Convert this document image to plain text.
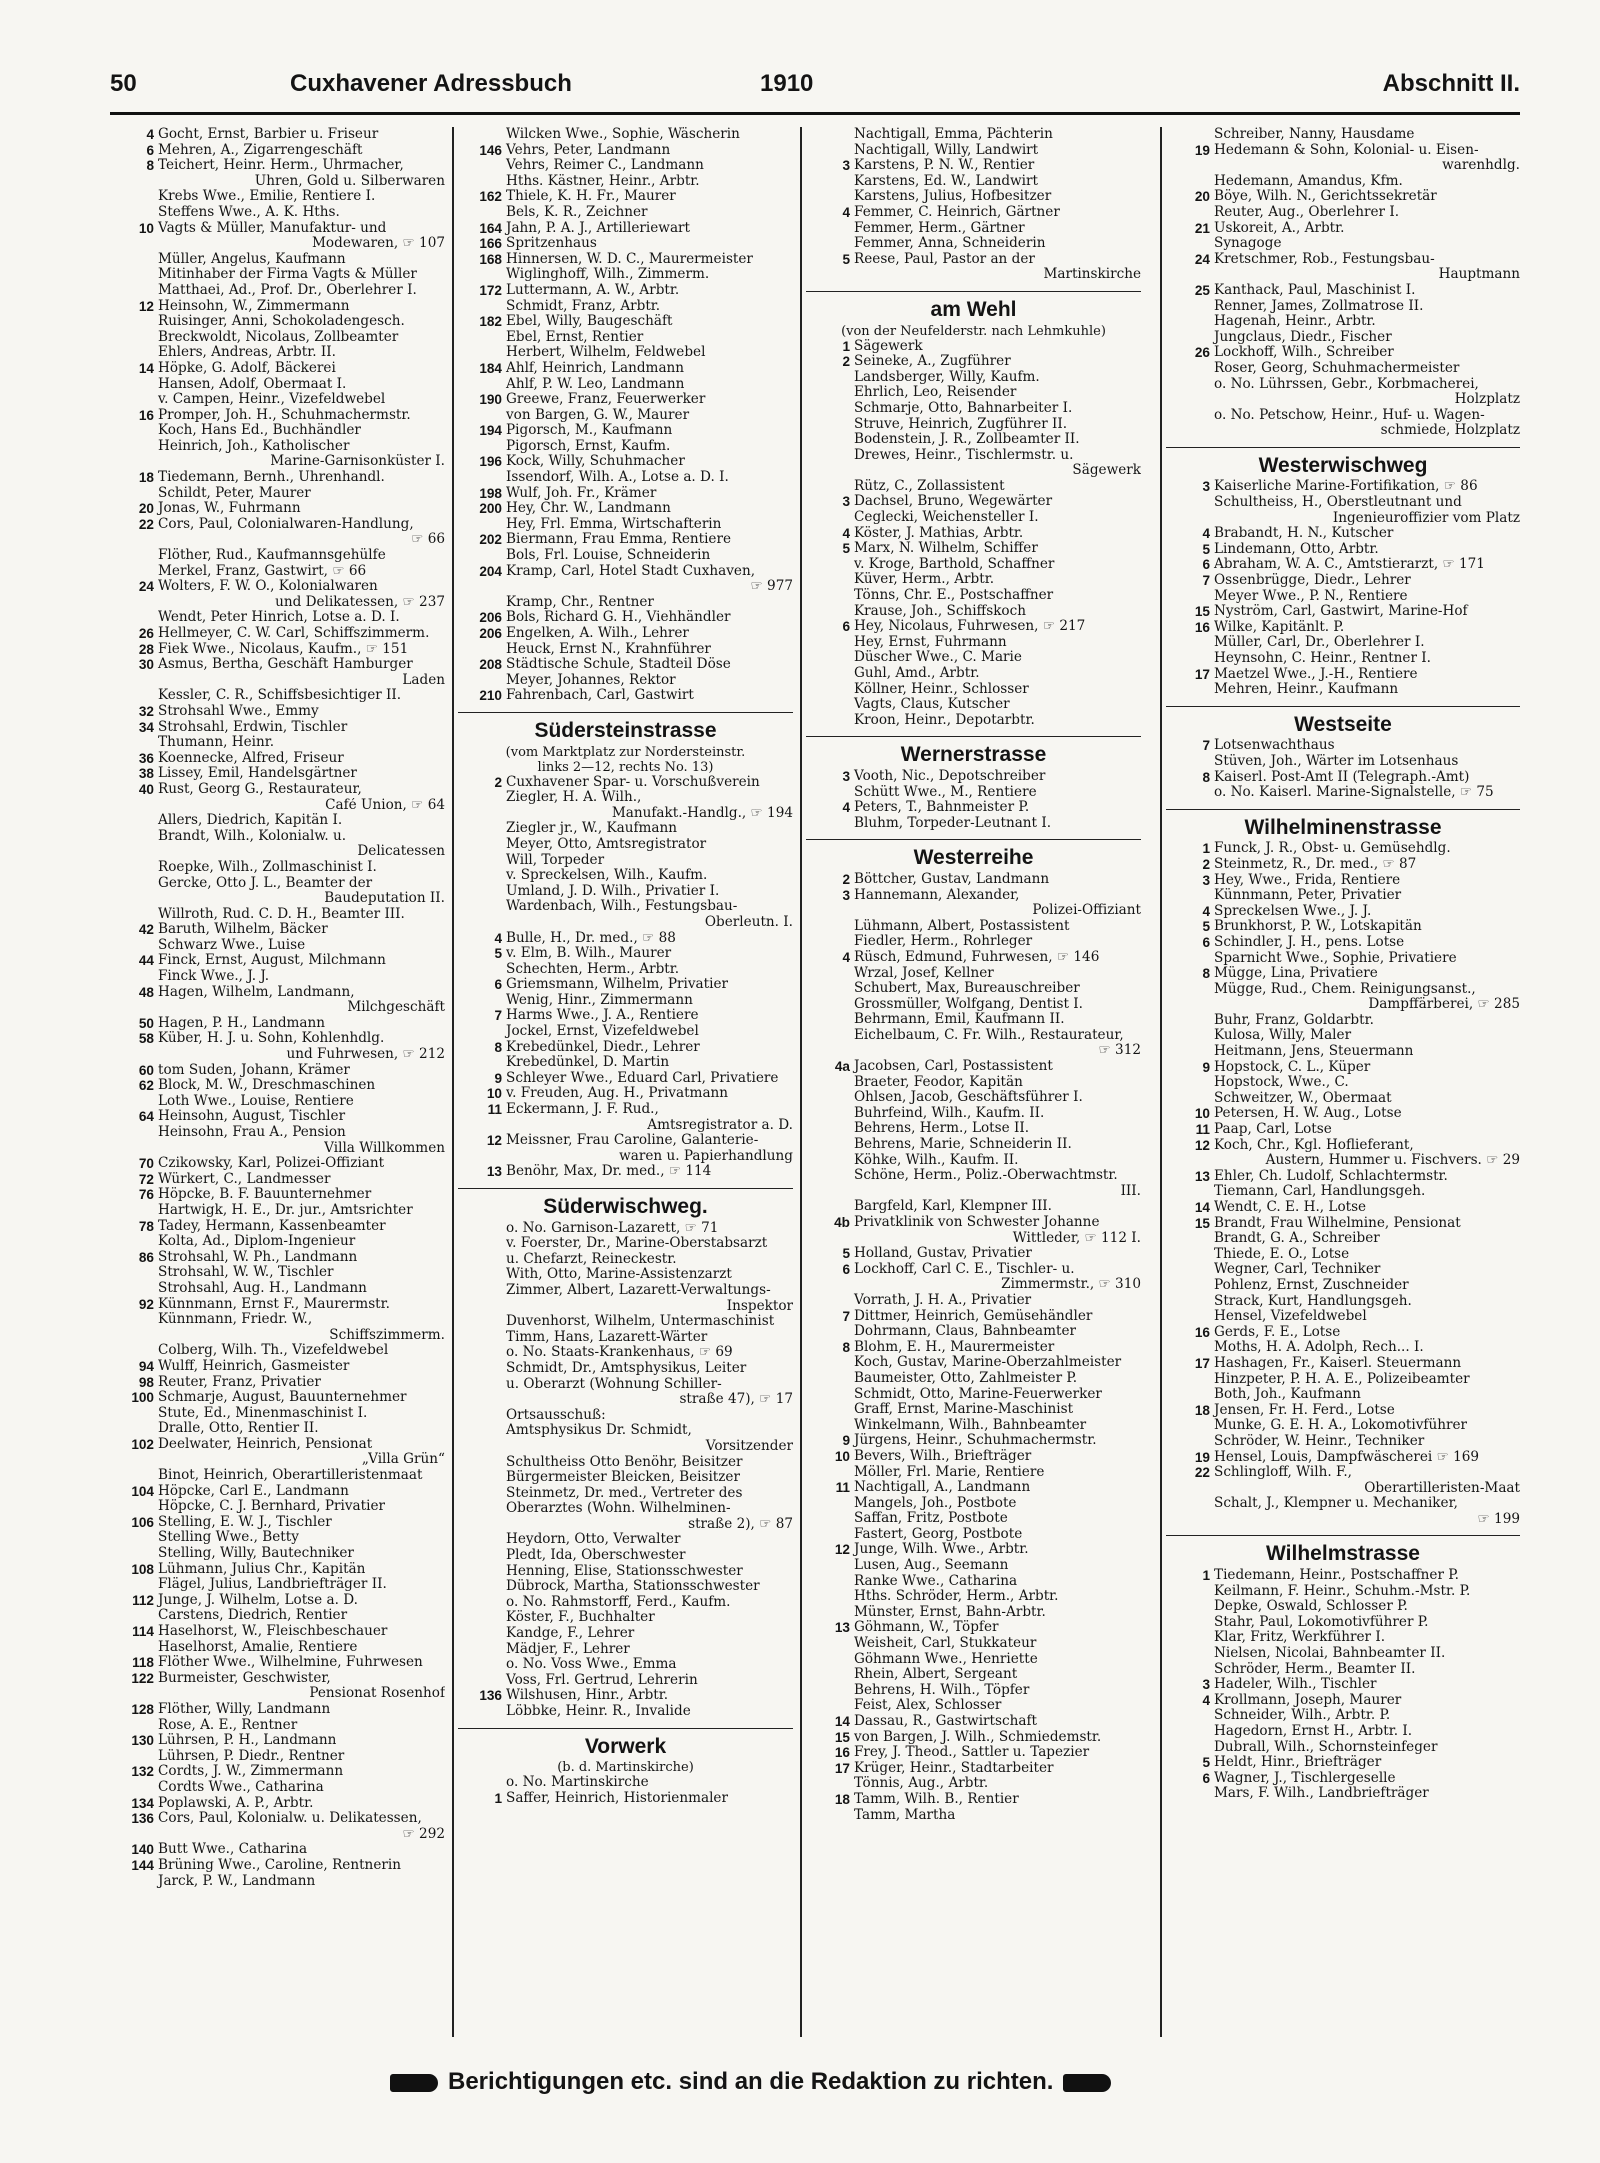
50	Cuxhavener Adressbuch	1910	Abschnitt II.
4 Gocht, Ernst, Barbier u. Friseur
6 Mehren, A., Zigarrengeschäft
8 Teichert, Heinr. Herm., Uhrmacher,
Uhren, Gold u. Silberwaren
Krebs Wwe., Emilie, Rentiere I.
Steffens Wwe., A. K. Hths.
10 Vagts & Müller, Manufaktur- und
Modewaren, ☞ 107
Müller, Angelus, Kaufmann
Mitinhaber der Firma Vagts & Müller
Matthaei, Ad., Prof. Dr., Oberlehrer I.
12 Heinsohn, W., Zimmermann
Ruisinger, Anni, Schokoladengesch.
Breckwoldt, Nicolaus, Zollbeamter
Ehlers, Andreas, Arbtr. II.
14 Höpke, G. Adolf, Bäckerei
Hansen, Adolf, Obermaat I.
v. Campen, Heinr., Vizefeldwebel
16 Promper, Joh. H., Schuhmachermstr.
Koch, Hans Ed., Buchhändler
Heinrich, Joh., Katholischer
Marine-Garnisonküster I.
18 Tiedemann, Bernh., Uhrenhandl.
Schildt, Peter, Maurer
20 Jonas, W., Fuhrmann
22 Cors, Paul, Colonialwaren-Handlung,
☞ 66
Flöther, Rud., Kaufmannsgehülfe
Merkel, Franz, Gastwirt, ☞ 66
24 Wolters, F. W. O., Kolonialwaren
und Delikatessen, ☞ 237
Wendt, Peter Hinrich, Lotse a. D. I.
26 Hellmeyer, C. W. Carl, Schiffszimmerm.
28 Fiek Wwe., Nicolaus, Kaufm., ☞ 151
30 Asmus, Bertha, Geschäft Hamburger
Laden
Kessler, C. R., Schiffsbesichtiger II.
32 Strohsahl Wwe., Emmy
34 Strohsahl, Erdwin, Tischler
Thumann, Heinr.
36 Koennecke, Alfred, Friseur
38 Lissey, Emil, Handelsgärtner
40 Rust, Georg G., Restaurateur,
Café Union, ☞ 64
Allers, Diedrich, Kapitän I.
Brandt, Wilh., Kolonialw. u.
Delicatessen
Roepke, Wilh., Zollmaschinist I.
Gercke, Otto J. L., Beamter der
Baudeputation II.
Willroth, Rud. C. D. H., Beamter III.
42 Baruth, Wilhelm, Bäcker
Schwarz Wwe., Luise
44 Finck, Ernst, August, Milchmann
Finck Wwe., J. J.
48 Hagen, Wilhelm, Landmann,
Milchgeschäft
50 Hagen, P. H., Landmann
58 Küber, H. J. u. Sohn, Kohlenhdlg.
und Fuhrwesen, ☞ 212
60 tom Suden, Johann, Krämer
62 Block, M. W., Dreschmaschinen
Loth Wwe., Louise, Rentiere
64 Heinsohn, August, Tischler
Heinsohn, Frau A., Pension
Villa Willkommen
70 Czikowsky, Karl, Polizei-Offiziant
72 Würkert, C., Landmesser
76 Höpcke, B. F. Bauunternehmer
Hartwigk, H. E., Dr. jur., Amtsrichter
78 Tadey, Hermann, Kassenbeamter
Kolta, Ad., Diplom-Ingenieur
86 Strohsahl, W. Ph., Landmann
Strohsahl, W. W., Tischler
Strohsahl, Aug. H., Landmann
92 Künnmann, Ernst F., Maurermstr.
Künnmann, Friedr. W.,
Schiffszimmerm.
Colberg, Wilh. Th., Vizefeldwebel
94 Wulff, Heinrich, Gasmeister
98 Reuter, Franz, Privatier
100 Schmarje, August, Bauunternehmer
Stute, Ed., Minenmaschinist I.
Dralle, Otto, Rentier II.
102 Deelwater, Heinrich, Pensionat
„Villa Grün“
Binot, Heinrich, Oberartilleristenmaat
104 Höpcke, Carl E., Landmann
Höpcke, C. J. Bernhard, Privatier
106 Stelling, E. W. J., Tischler
Stelling Wwe., Betty
Stelling, Willy, Bautechniker
108 Lühmann, Julius Chr., Kapitän
Flägel, Julius, Landbriefträger II.
112 Junge, J. Wilhelm, Lotse a. D.
Carstens, Diedrich, Rentier
114 Haselhorst, W., Fleischbeschauer
Haselhorst, Amalie, Rentiere
118 Flöther Wwe., Wilhelmine, Fuhrwesen
122 Burmeister, Geschwister,
Pensionat Rosenhof
128 Flöther, Willy, Landmann
Rose, A. E., Rentner
130 Lührsen, P. H., Landmann
Lührsen, P. Diedr., Rentner
132 Cordts, J. W., Zimmermann
Cordts Wwe., Catharina
134 Poplawski, A. P., Arbtr.
136 Cors, Paul, Kolonialw. u. Delikatessen,
☞ 292
140 Butt Wwe., Catharina
144 Brüning Wwe., Caroline, Rentnerin
Jarck, P. W., Landmann
Wilcken Wwe., Sophie, Wäscherin
146 Vehrs, Peter, Landmann
Vehrs, Reimer C., Landmann
Hths. Kästner, Heinr., Arbtr.
162 Thiele, K. H. Fr., Maurer
Bels, K. R., Zeichner
164 Jahn, P. A. J., Artilleriewart
166 Spritzenhaus
168 Hinnersen, W. D. C., Maurermeister
Wiglinghoff, Wilh., Zimmerm.
172 Luttermann, A. W., Arbtr.
Schmidt, Franz, Arbtr.
182 Ebel, Willy, Baugeschäft
Ebel, Ernst, Rentier
Herbert, Wilhelm, Feldwebel
184 Ahlf, Heinrich, Landmann
Ahlf, P. W. Leo, Landmann
190 Greewe, Franz, Feuerwerker
von Bargen, G. W., Maurer
194 Pigorsch, M., Kaufmann
Pigorsch, Ernst, Kaufm.
196 Kock, Willy, Schuhmacher
Issendorf, Wilh. A., Lotse a. D. I.
198 Wulf, Joh. Fr., Krämer
200 Hey, Chr. W., Landmann
Hey, Frl. Emma, Wirtschafterin
202 Biermann, Frau Emma, Rentiere
Bols, Frl. Louise, Schneiderin
204 Kramp, Carl, Hotel Stadt Cuxhaven,
☞ 977
Kramp, Chr., Rentner
206 Bols, Richard G. H., Viehhändler
206 Engelken, A. Wilh., Lehrer
Heuck, Ernst N., Krahnführer
208 Städtische Schule, Stadteil Döse
Meyer, Johannes, Rektor
210 Fahrenbach, Carl, Gastwirt
Südersteinstrasse
(vom Marktplatz zur Nordersteinstr.
links 2—12, rechts No. 13)
2 Cuxhavener Spar- u. Vorschußverein
Ziegler, H. A. Wilh.,
Manufakt.-Handlg., ☞ 194
Ziegler jr., W., Kaufmann
Meyer, Otto, Amtsregistrator
Will, Torpeder
v. Spreckelsen, Wilh., Kaufm.
Umland, J. D. Wilh., Privatier I.
Wardenbach, Wilh., Festungsbau-
Oberleutn. I.
4 Bulle, H., Dr. med., ☞ 88
5 v. Elm, B. Wilh., Maurer
Schechten, Herm., Arbtr.
6 Griemsmann, Wilhelm, Privatier
Wenig, Hinr., Zimmermann
7 Harms Wwe., J. A., Rentiere
Jockel, Ernst, Vizefeldwebel
8 Krebedünkel, Diedr., Lehrer
Krebedünkel, D. Martin
9 Schleyer Wwe., Eduard Carl, Privatiere
10 v. Freuden, Aug. H., Privatmann
11 Eckermann, J. F. Rud.,
Amtsregistrator a. D.
12 Meissner, Frau Caroline, Galanterie-
waren u. Papierhandlung
13 Benöhr, Max, Dr. med., ☞ 114
Süderwischweg.
o. No. Garnison-Lazarett, ☞ 71
v. Foerster, Dr., Marine-Oberstabsarzt
u. Chefarzt, Reineckestr.
With, Otto, Marine-Assistenzarzt
Zimmer, Albert, Lazarett-Verwaltungs-
Inspektor
Duvenhorst, Wilhelm, Untermaschinist
Timm, Hans, Lazarett-Wärter
o. No. Staats-Krankenhaus, ☞ 69
Schmidt, Dr., Amtsphysikus, Leiter
u. Oberarzt (Wohnung Schiller-
straße 47), ☞ 17
Ortsausschuß:
Amtsphysikus Dr. Schmidt,
Vorsitzender
Schultheiss Otto Benöhr, Beisitzer
Bürgermeister Bleicken, Beisitzer
Steinmetz, Dr. med., Vertreter des
Oberarztes (Wohn. Wilhelminen-
straße 2), ☞ 87
Heydorn, Otto, Verwalter
Pledt, Ida, Oberschwester
Henning, Elise, Stationsschwester
Dübrock, Martha, Stationsschwester
o. No. Rahmstorff, Ferd., Kaufm.
Köster, F., Buchhalter
Kandge, F., Lehrer
Mädjer, F., Lehrer
o. No. Voss Wwe., Emma
Voss, Frl. Gertrud, Lehrerin
136 Wilshusen, Hinr., Arbtr.
Löbbke, Heinr. R., Invalide
Vorwerk
(b. d. Martinskirche)
o. No. Martinskirche
1 Saffer, Heinrich, Historienmaler
Nachtigall, Emma, Pächterin
Nachtigall, Willy, Landwirt
3 Karstens, P. N. W., Rentier
Karstens, Ed. W., Landwirt
Karstens, Julius, Hofbesitzer
4 Femmer, C. Heinrich, Gärtner
Femmer, Herm., Gärtner
Femmer, Anna, Schneiderin
5 Reese, Paul, Pastor an der
Martinskirche
am Wehl
(von der Neufelderstr. nach Lehmkuhle)
1 Sägewerk
2 Seineke, A., Zugführer
Landsberger, Willy, Kaufm.
Ehrlich, Leo, Reisender
Schmarje, Otto, Bahnarbeiter I.
Struve, Heinrich, Zugführer II.
Bodenstein, J. R., Zollbeamter II.
Drewes, Heinr., Tischlermstr. u.
Sägewerk
Rütz, C., Zollassistent
3 Dachsel, Bruno, Wegewärter
Ceglecki, Weichensteller I.
4 Köster, J. Mathias, Arbtr.
5 Marx, N. Wilhelm, Schiffer
v. Kroge, Barthold, Schaffner
Küver, Herm., Arbtr.
Tönns, Chr. E., Postschaffner
Krause, Joh., Schiffskoch
6 Hey, Nicolaus, Fuhrwesen, ☞ 217
Hey, Ernst, Fuhrmann
Düscher Wwe., C. Marie
Guhl, Amd., Arbtr.
Köllner, Heinr., Schlosser
Vagts, Claus, Kutscher
Kroon, Heinr., Depotarbtr.
Wernerstrasse
3 Vooth, Nic., Depotschreiber
Schütt Wwe., M., Rentiere
4 Peters, T., Bahnmeister P.
Bluhm, Torpeder-Leutnant I.
Westerreihe
2 Böttcher, Gustav, Landmann
3 Hannemann, Alexander,
Polizei-Offiziant
Lühmann, Albert, Postassistent
Fiedler, Herm., Rohrleger
4 Rüsch, Edmund, Fuhrwesen, ☞ 146
Wrzal, Josef, Kellner
Schubert, Max, Bureauschreiber
Grossmüller, Wolfgang, Dentist I.
Behrmann, Emil, Kaufmann II.
Eichelbaum, C. Fr. Wilh., Restaurateur,
☞ 312
4a Jacobsen, Carl, Postassistent
Braeter, Feodor, Kapitän
Ohlsen, Jacob, Geschäftsführer I.
Buhrfeind, Wilh., Kaufm. II.
Behrens, Herm., Lotse II.
Behrens, Marie, Schneiderin II.
Köhke, Wilh., Kaufm. II.
Schöne, Herm., Poliz.-Oberwachtmstr.
III.
Bargfeld, Karl, Klempner III.
4b Privatklinik von Schwester Johanne
Wittleder, ☞ 112 I.
5 Holland, Gustav, Privatier
6 Lockhoff, Carl C. E., Tischler- u.
Zimmermstr., ☞ 310
Vorrath, J. H. A., Privatier
7 Dittmer, Heinrich, Gemüsehändler
Dohrmann, Claus, Bahnbeamter
8 Blohm, E. H., Maurermeister
Koch, Gustav, Marine-Oberzahlmeister
Baumeister, Otto, Zahlmeister P.
Schmidt, Otto, Marine-Feuerwerker
Graff, Ernst, Marine-Maschinist
Winkelmann, Wilh., Bahnbeamter
9 Jürgens, Heinr., Schuhmachermstr.
10 Bevers, Wilh., Briefträger
Möller, Frl. Marie, Rentiere
11 Nachtigall, A., Landmann
Mangels, Joh., Postbote
Saffan, Fritz, Postbote
Fastert, Georg, Postbote
12 Junge, Wilh. Wwe., Arbtr.
Lusen, Aug., Seemann
Ranke Wwe., Catharina
Hths. Schröder, Herm., Arbtr.
Münster, Ernst, Bahn-Arbtr.
13 Göhmann, W., Töpfer
Weisheit, Carl, Stukkateur
Göhmann Wwe., Henriette
Rhein, Albert, Sergeant
Behrens, H. Wilh., Töpfer
Feist, Alex, Schlosser
14 Dassau, R., Gastwirtschaft
15 von Bargen, J. Wilh., Schmiedemstr.
16 Frey, J. Theod., Sattler u. Tapezier
17 Krüger, Heinr., Stadtarbeiter
Tönnis, Aug., Arbtr.
18 Tamm, Wilh. B., Rentier
Tamm, Martha
Schreiber, Nanny, Hausdame
19 Hedemann & Sohn, Kolonial- u. Eisen-
warenhdlg.
Hedemann, Amandus, Kfm.
20 Böye, Wilh. N., Gerichtssekretär
Reuter, Aug., Oberlehrer I.
21 Uskoreit, A., Arbtr.
Synagoge
24 Kretschmer, Rob., Festungsbau-
Hauptmann
25 Kanthack, Paul, Maschinist I.
Renner, James, Zollmatrose II.
Hagenah, Heinr., Arbtr.
Jungclaus, Diedr., Fischer
26 Lockhoff, Wilh., Schreiber
Roser, Georg, Schuhmachermeister
o. No. Lührssen, Gebr., Korbmacherei,
Holzplatz
o. No. Petschow, Heinr., Huf- u. Wagen-
schmiede, Holzplatz
Westerwischweg
3 Kaiserliche Marine-Fortifikation, ☞ 86
Schultheiss, H., Oberstleutnant und
Ingenieuroffizier vom Platz
4 Brabandt, H. N., Kutscher
5 Lindemann, Otto, Arbtr.
6 Abraham, W. A. C., Amtstierarzt, ☞ 171
7 Ossenbrügge, Diedr., Lehrer
Meyer Wwe., P. N., Rentiere
15 Nyström, Carl, Gastwirt, Marine-Hof
16 Wilke, Kapitänlt. P.
Müller, Carl, Dr., Oberlehrer I.
Heynsohn, C. Heinr., Rentner I.
17 Maetzel Wwe., J.-H., Rentiere
Mehren, Heinr., Kaufmann
Westseite
7 Lotsenwachthaus
Stüven, Joh., Wärter im Lotsenhaus
8 Kaiserl. Post-Amt II (Telegraph.-Amt)
o. No. Kaiserl. Marine-Signalstelle, ☞ 75
Wilhelminenstrasse
1 Funck, J. R., Obst- u. Gemüsehdlg.
2 Steinmetz, R., Dr. med., ☞ 87
3 Hey, Wwe., Frida, Rentiere
Künnmann, Peter, Privatier
4 Spreckelsen Wwe., J. J.
5 Brunkhorst, P. W., Lotskapitän
6 Schindler, J. H., pens. Lotse
Sparnicht Wwe., Sophie, Privatiere
8 Mügge, Lina, Privatiere
Mügge, Rud., Chem. Reinigungsanst.,
Dampffärberei, ☞ 285
Buhr, Franz, Goldarbtr.
Kulosa, Willy, Maler
Heitmann, Jens, Steuermann
9 Hopstock, C. L., Küper
Hopstock, Wwe., C.
Schweitzer, W., Obermaat
10 Petersen, H. W. Aug., Lotse
11 Paap, Carl, Lotse
12 Koch, Chr., Kgl. Hoflieferant,
Austern, Hummer u. Fischvers. ☞ 29
13 Ehler, Ch. Ludolf, Schlachtermstr.
Tiemann, Carl, Handlungsgeh.
14 Wendt, C. E. H., Lotse
15 Brandt, Frau Wilhelmine, Pensionat
Brandt, G. A., Schreiber
Thiede, E. O., Lotse
Wegner, Carl, Techniker
Pohlenz, Ernst, Zuschneider
Strack, Kurt, Handlungsgeh.
Hensel, Vizefeldwebel
16 Gerds, F. E., Lotse
Moths, H. A. Adolph, Rech... I.
17 Hashagen, Fr., Kaiserl. Steuermann
Hinzpeter, P. H. A. E., Polizeibeamter
Both, Joh., Kaufmann
18 Jensen, Fr. H. Ferd., Lotse
Munke, G. E. H. A., Lokomotivführer
Schröder, W. Heinr., Techniker
19 Hensel, Louis, Dampfwäscherei ☞ 169
22 Schlingloff, Wilh. F.,
Oberartilleristen-Maat
Schalt, J., Klempner u. Mechaniker,
☞ 199
Wilhelmstrasse
1 Tiedemann, Heinr., Postschaffner P.
Keilmann, F. Heinr., Schuhm.-Mstr. P.
Depke, Oswald, Schlosser P.
Stahr, Paul, Lokomotivführer P.
Klar, Fritz, Werkführer I.
Nielsen, Nicolai, Bahnbeamter II.
Schröder, Herm., Beamter II.
3 Hadeler, Wilh., Tischler
4 Krollmann, Joseph, Maurer
Schneider, Wilh., Arbtr. P.
Hagedorn, Ernst H., Arbtr. I.
Dubrall, Wilh., Schornsteinfeger
5 Heldt, Hinr., Briefträger
6 Wagner, J., Tischlergeselle
Mars, F. Wilh., Landbriefträger
Berichtigungen etc. sind an die Redaktion zu richten.
